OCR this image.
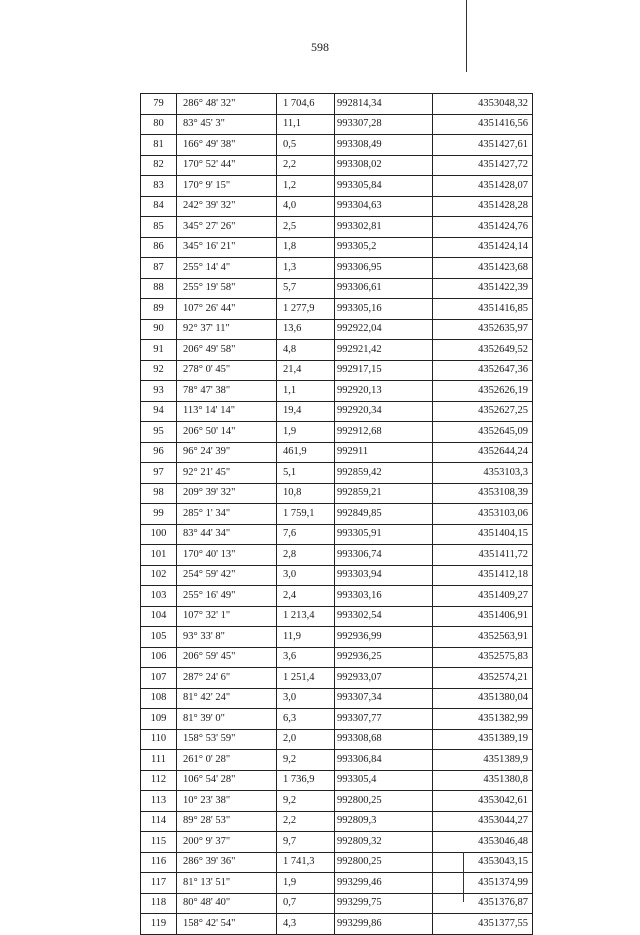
598
79	286° 48' 32"	1 704,6	992814,34	4353048,32
80	83° 45' 3"	11,1	993307,28	4351416,56
81	166° 49' 38"	0,5	993308,49	4351427,61
82	170° 52' 44"	2,2	993308,02	4351427,72
83	170° 9' 15"	1,2	993305,84	4351428,07
84	242° 39' 32"	4,0	993304,63	4351428,28
85	345° 27' 26"	2,5	993302,81	4351424,76
86	345° 16' 21"	1,8	993305,2	4351424,14
87	255° 14' 4"	1,3	993306,95	4351423,68
88	255° 19' 58"	5,7	993306,61	4351422,39
89	107° 26' 44"	1 277,9	993305,16	4351416,85
90	92° 37' 11"	13,6	992922,04	4352635,97
91	206° 49' 58"	4,8	992921,42	4352649,52
92	278° 0' 45"	21,4	992917,15	4352647,36
93	78° 47' 38"	1,1	992920,13	4352626,19
94	113° 14' 14"	19,4	992920,34	4352627,25
95	206° 50' 14"	1,9	992912,68	4352645,09
96	96° 24' 39"	461,9	992911	4352644,24
97	92° 21' 45"	5,1	992859,42	4353103,3
98	209° 39' 32"	10,8	992859,21	4353108,39
99	285° 1' 34"	1 759,1	992849,85	4353103,06
100	83° 44' 34"	7,6	993305,91	4351404,15
101	170° 40' 13"	2,8	993306,74	4351411,72
102	254° 59' 42"	3,0	993303,94	4351412,18
103	255° 16' 49"	2,4	993303,16	4351409,27
104	107° 32' 1"	1 213,4	993302,54	4351406,91
105	93° 33' 8"	11,9	992936,99	4352563,91
106	206° 59' 45"	3,6	992936,25	4352575,83
107	287° 24' 6"	1 251,4	992933,07	4352574,21
108	81° 42' 24"	3,0	993307,34	4351380,04
109	81° 39' 0"	6,3	993307,77	4351382,99
110	158° 53' 59"	2,0	993308,68	4351389,19
111	261° 0' 28"	9,2	993306,84	4351389,9
112	106° 54' 28"	1 736,9	993305,4	4351380,8
113	10° 23' 38"	9,2	992800,25	4353042,61
114	89° 28' 53"	2,2	992809,3	4353044,27
115	200° 9' 37"	9,7	992809,32	4353046,48
116	286° 39' 36"	1 741,3	992800,25	4353043,15
117	81° 13' 51"	1,9	993299,46	4351374,99
118	80° 48' 40"	0,7	993299,75	4351376,87
119	158° 42' 54"	4,3	993299,86	4351377,55
